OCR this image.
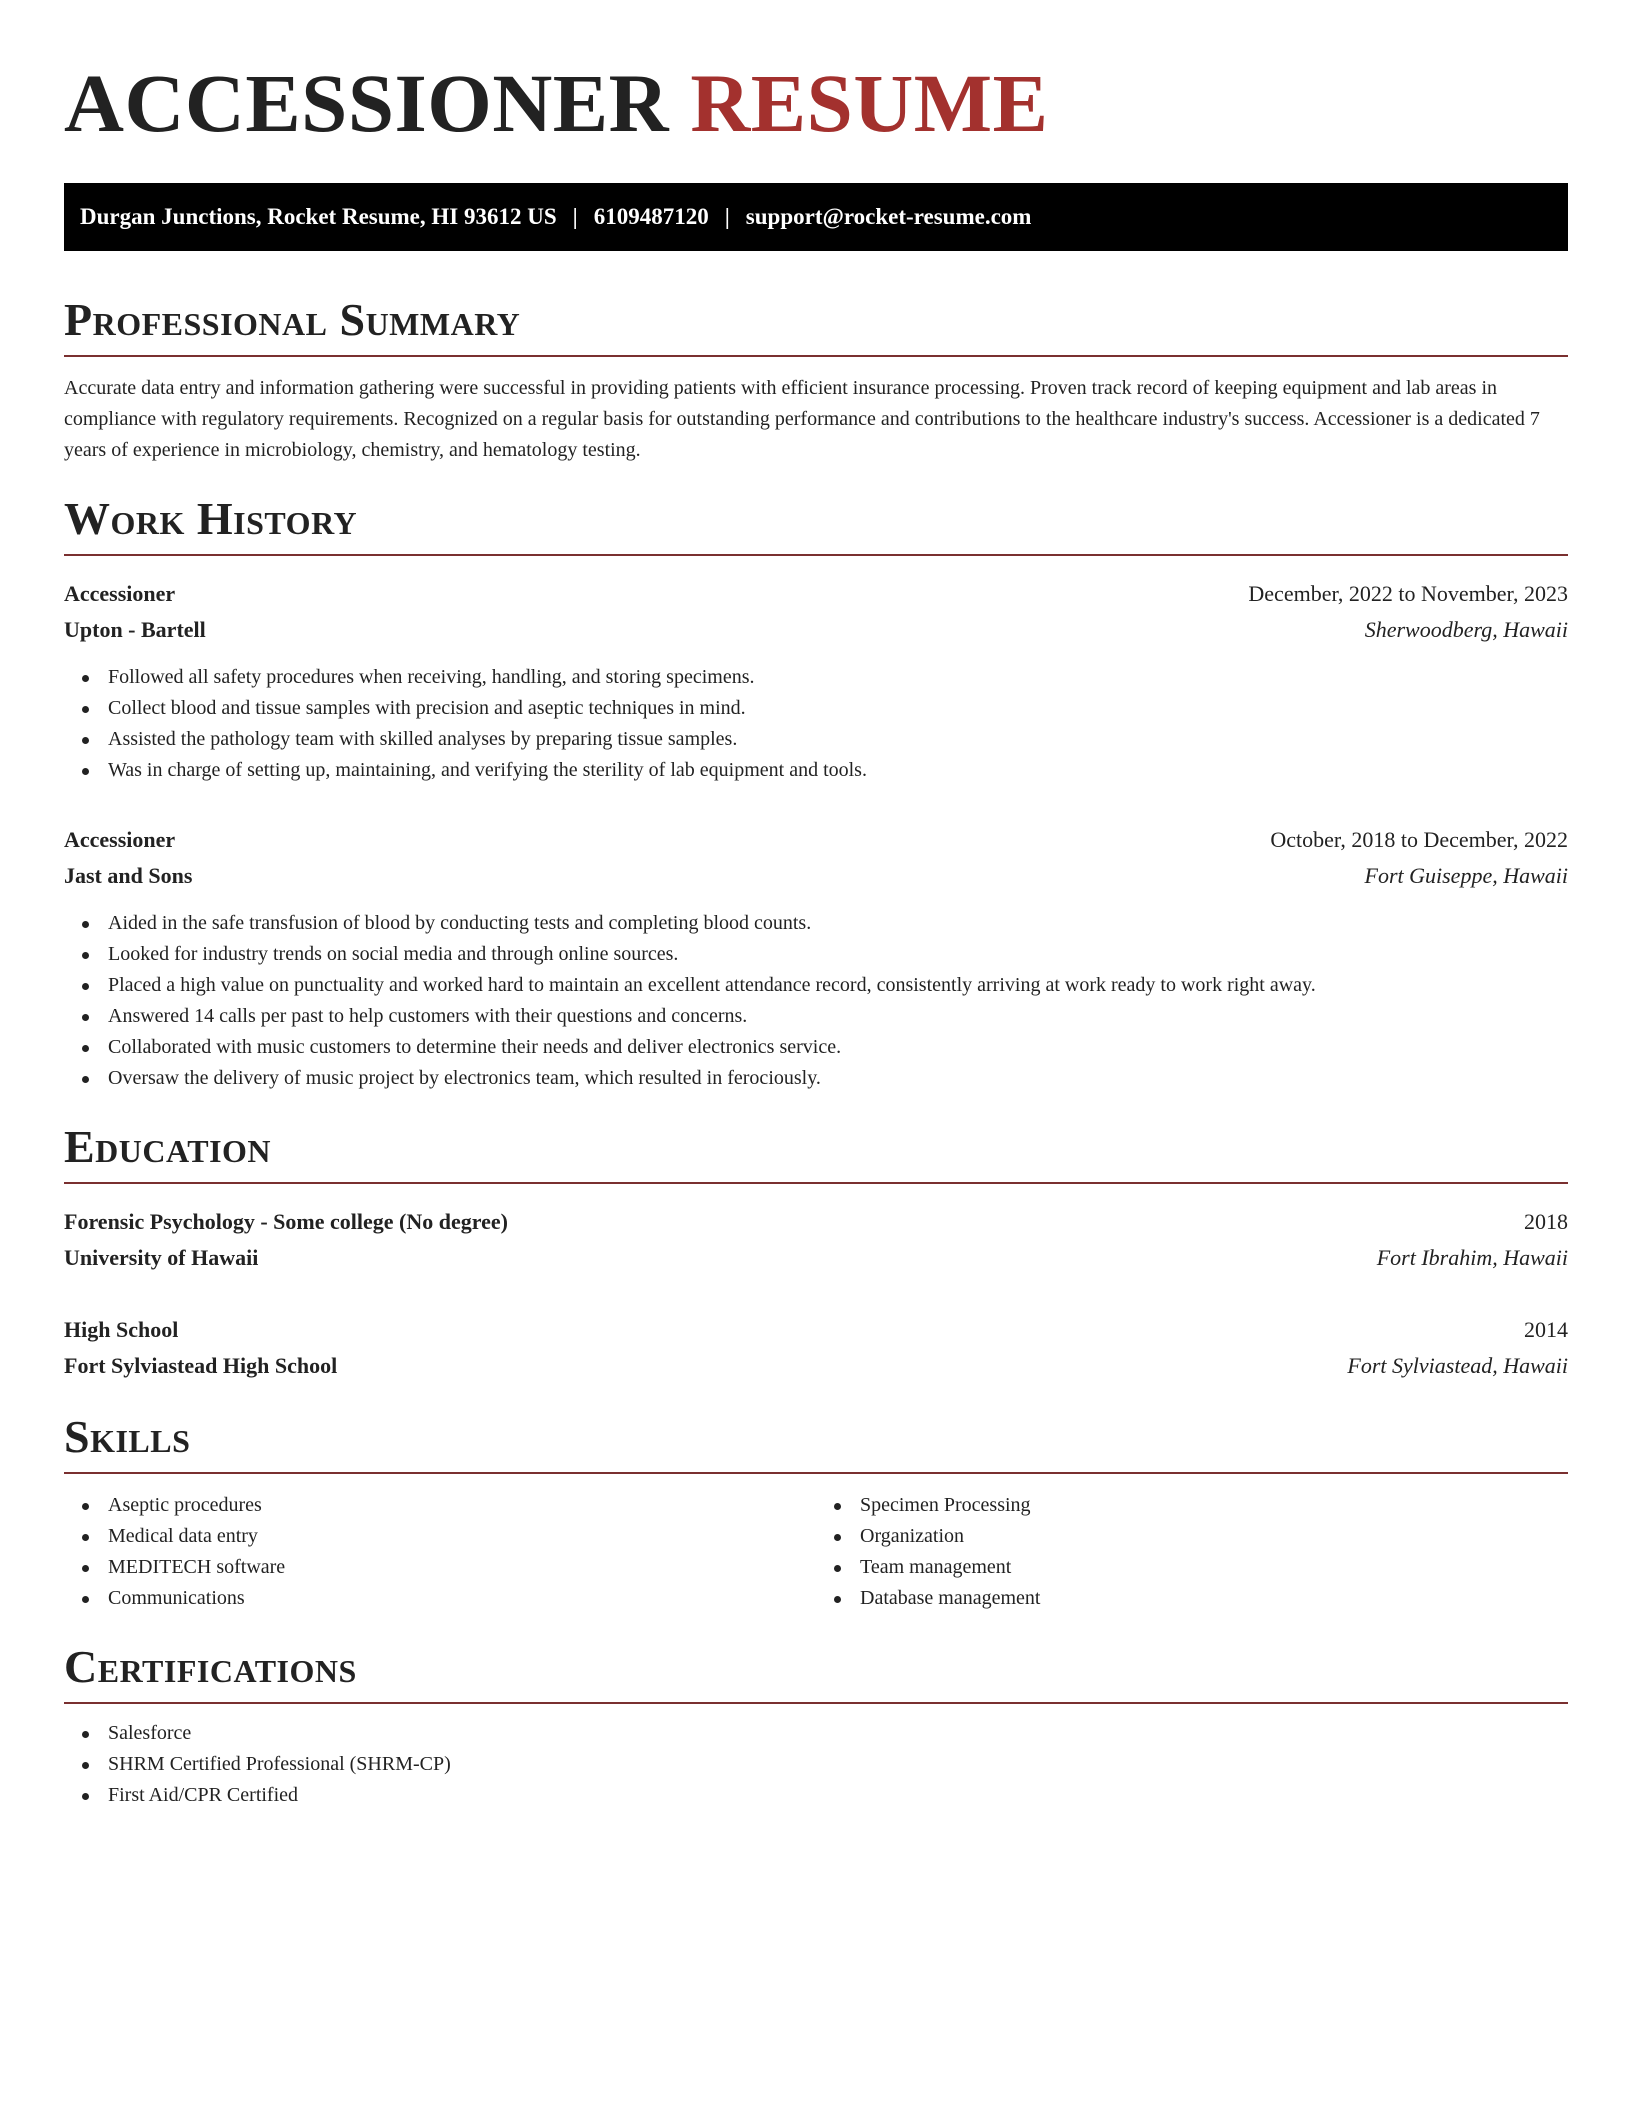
ACCESSIONER RESUME
Durgan Junctions, Rocket Resume, HI 93612 US | 6109487120 | support@rocket-resume.com
Professional Summary
Accurate data entry and information gathering were successful in providing patients with efficient insurance processing. Proven track record of keeping equipment and lab areas in compliance with regulatory requirements. Recognized on a regular basis for outstanding performance and contributions to the healthcare industry's success. Accessioner is a dedicated 7 years of experience in microbiology, chemistry, and hematology testing.
Work History
Accessioner	December, 2022 to November, 2023
Upton - Bartell	Sherwoodberg, Hawaii
Followed all safety procedures when receiving, handling, and storing specimens.
Collect blood and tissue samples with precision and aseptic techniques in mind.
Assisted the pathology team with skilled analyses by preparing tissue samples.
Was in charge of setting up, maintaining, and verifying the sterility of lab equipment and tools.
Accessioner	October, 2018 to December, 2022
Jast and Sons	Fort Guiseppe, Hawaii
Aided in the safe transfusion of blood by conducting tests and completing blood counts.
Looked for industry trends on social media and through online sources.
Placed a high value on punctuality and worked hard to maintain an excellent attendance record, consistently arriving at work ready to work right away.
Answered 14 calls per past to help customers with their questions and concerns.
Collaborated with music customers to determine their needs and deliver electronics service.
Oversaw the delivery of music project by electronics team, which resulted in ferociously.
Education
Forensic Psychology - Some college (No degree)	2018
University of Hawaii	Fort Ibrahim, Hawaii
High School	2014
Fort Sylviastead High School	Fort Sylviastead, Hawaii
Skills
Aseptic procedures
Medical data entry
MEDITECH software
Communications
Specimen Processing
Organization
Team management
Database management
Certifications
Salesforce
SHRM Certified Professional (SHRM-CP)
First Aid/CPR Certified
